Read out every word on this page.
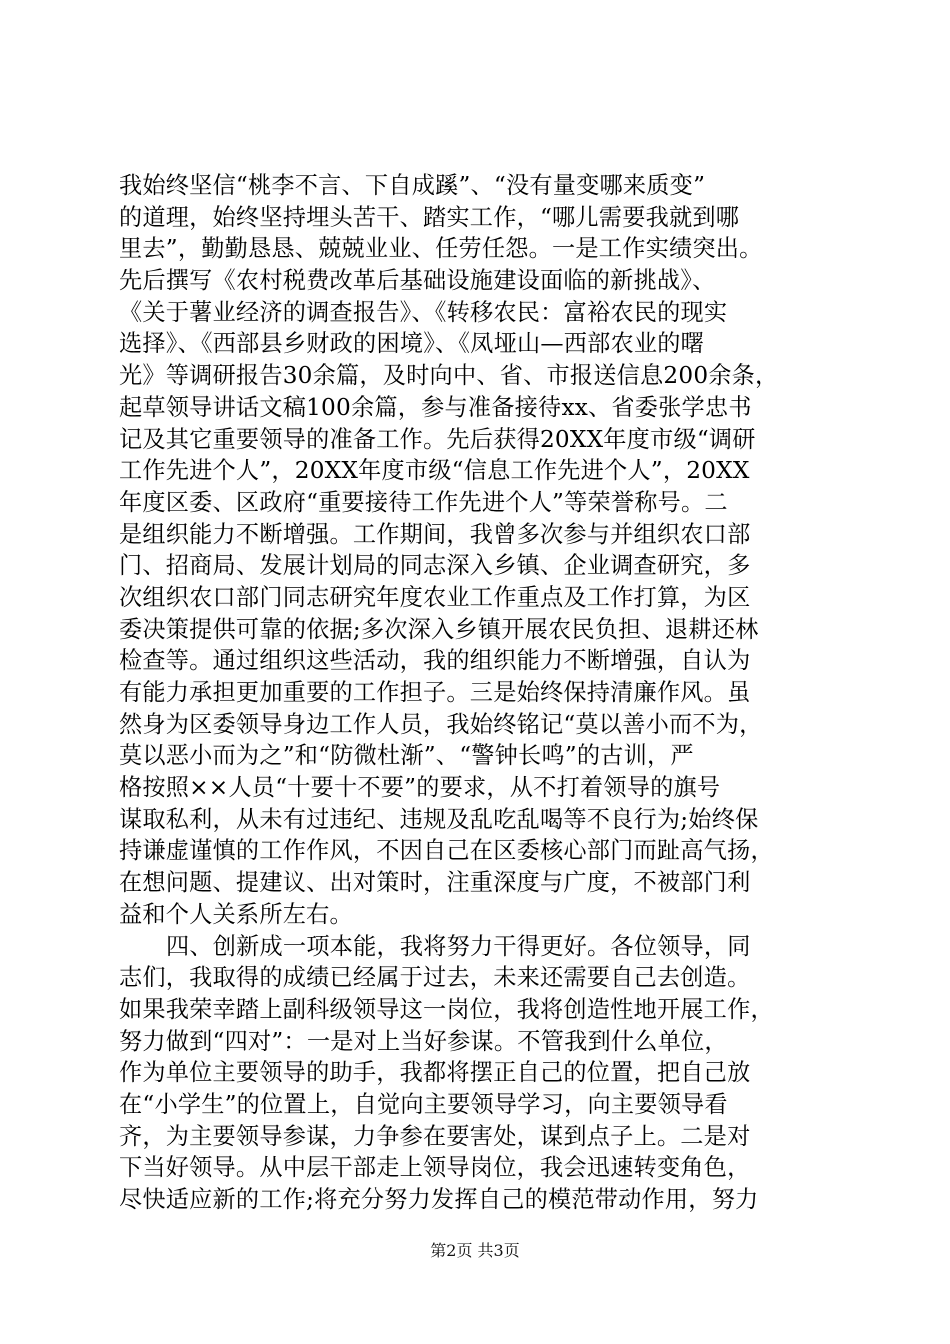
我始终坚信“桃李不言、下自成蹊”、“没有量变哪来质变”
的道理，始终坚持埋头苦干、踏实工作，“哪儿需要我就到哪
里去”，勤勤恳恳、兢兢业业、任劳任怨。一是工作实绩突出。
先后撰写《农村税费改革后基础设施建设面临的新挑战》、
《关于薯业经济的调查报告》、《转移农民：富裕农民的现实
选择》、《西部县乡财政的困境》、《凤垭山—西部农业的曙
光》等调研报告30余篇，及时向中、省、市报送信息200余条，
起草领导讲话文稿100余篇，参与准备接待xx、省委张学忠书
记及其它重要领导的准备工作。先后获得20XX年度市级“调研
工作先进个人”，20XX年度市级“信息工作先进个人”，20XX
年度区委、区政府“重要接待工作先进个人”等荣誉称号。二
是组织能力不断增强。工作期间，我曾多次参与并组织农口部
门、招商局、发展计划局的同志深入乡镇、企业调查研究，多
次组织农口部门同志研究年度农业工作重点及工作打算，为区
委决策提供可靠的依据;多次深入乡镇开展农民负担、退耕还林
检查等。通过组织这些活动，我的组织能力不断增强，自认为
有能力承担更加重要的工作担子。三是始终保持清廉作风。虽
然身为区委领导身边工作人员，我始终铭记“莫以善小而不为，
莫以恶小而为之”和“防微杜渐”、“警钟长鸣”的古训，严
格按照××人员“十要十不要”的要求，从不打着领导的旗号
谋取私利，从未有过违纪、违规及乱吃乱喝等不良行为;始终保
持谦虚谨慎的工作作风，不因自己在区委核心部门而趾高气扬，
在想问题、提建议、出对策时，注重深度与广度，不被部门利
益和个人关系所左右。
四、创新成一项本能，我将努力干得更好。各位领导，同
志们，我取得的成绩已经属于过去，未来还需要自己去创造。
如果我荣幸踏上副科级领导这一岗位，我将创造性地开展工作，
努力做到“四对”：一是对上当好参谋。不管我到什么单位，
作为单位主要领导的助手，我都将摆正自己的位置，把自己放
在“小学生”的位置上，自觉向主要领导学习，向主要领导看
齐，为主要领导参谋，力争参在要害处，谋到点子上。二是对
下当好领导。从中层干部走上领导岗位，我会迅速转变角色，
尽快适应新的工作;将充分努力发挥自己的模范带动作用，努力
第2页 共3页
